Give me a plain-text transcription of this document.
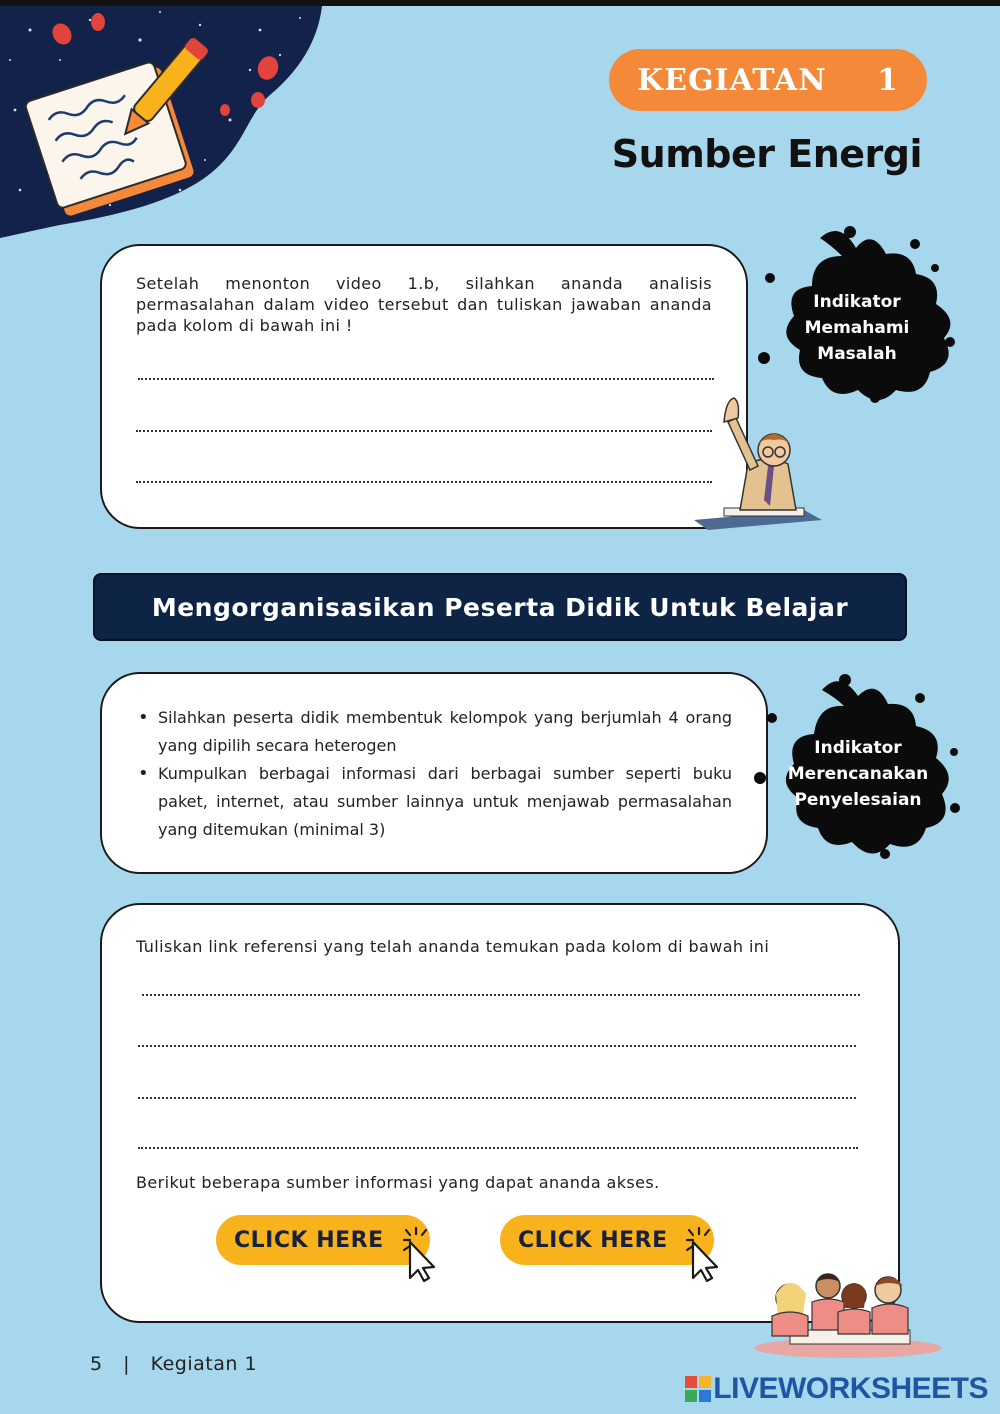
KEGIATAN 1
Sumber Energi
Setelah menonton video 1.b, silahkan ananda analisis permasalahan dalam video tersebut dan tuliskan jawaban ananda pada kolom di bawah ini !
Indikator
Memahami
Masalah
Mengorganisasikan Peserta Didik Untuk Belajar
• Silahkan peserta didik membentuk kelompok yang berjumlah 4 orang yang dipilih secara heterogen
• Kumpulkan berbagai informasi dari berbagai sumber seperti buku paket, internet, atau sumber lainnya untuk menjawab permasalahan yang ditemukan (minimal 3)
Indikator
Merencanakan
Penyelesaian
Tuliskan link referensi yang telah ananda temukan pada kolom di bawah ini
Berikut beberapa sumber informasi yang dapat ananda akses.
CLICK HERE	CLICK HERE
5 | Kegiatan 1
LIVEWORKSHEETS
